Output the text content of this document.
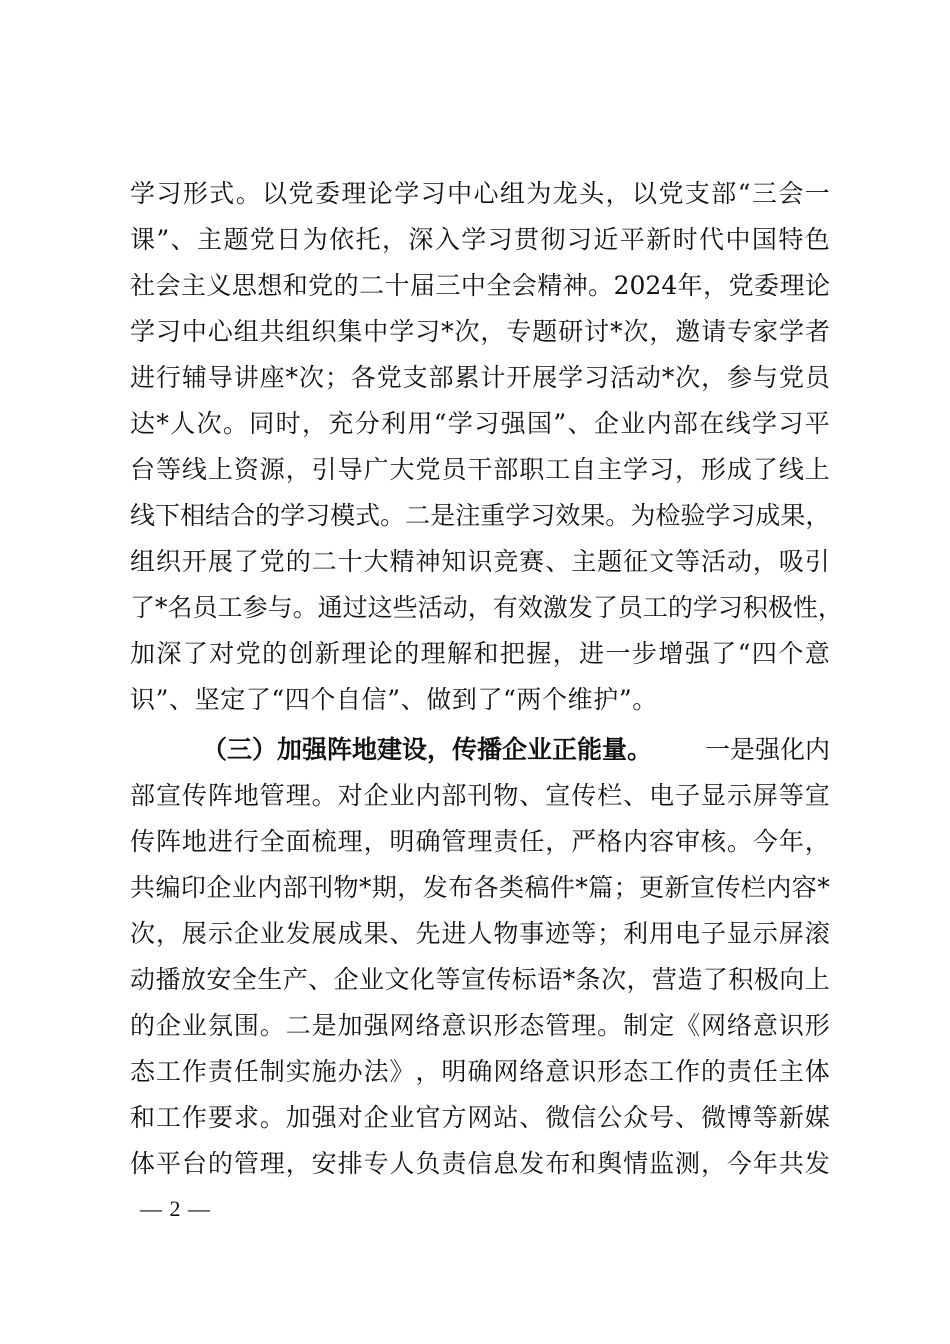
学 习 形 式 。 以 党 委 理 论 学 习 中 心 组 为 龙 头 ， 以 党 支 部 “ 三 会 一
课 ” 、 主 题 党 日 为 依 托 ， 深 入 学 习 贯 彻 习 近 平 新 时 代 中 国 特 色
社 会 主 义 思 想 和 党 的 二 十 届 三 中 全 会 精 神 。 2024 年 ， 党 委 理 论
学 习 中 心 组 共 组 织 集 中 学 习 * 次 ， 专 题 研 讨 * 次 ， 邀 请 专 家 学 者
进 行 辅 导 讲 座 * 次 ； 各 党 支 部 累 计 开 展 学 习 活 动 * 次 ， 参 与 党 员
达 * 人 次 。 同 时 ， 充 分 利 用 “ 学 习 强 国 ” 、 企 业 内 部 在 线 学 习 平
台 等 线 上 资 源 ， 引 导 广 大 党 员 干 部 职 工 自 主 学 习 ， 形 成 了 线 上
线 下 相 结 合 的 学 习 模 式 。 二 是 注 重 学 习 效 果 。 为 检 验 学 习 成 果 ，
组 织 开 展 了 党 的 二 十 大 精 神 知 识 竞 赛 、 主 题 征 文 等 活 动 ， 吸 引
了 * 名 员 工 参 与 。 通 过 这 些 活 动 ， 有 效 激 发 了 员 工 的 学 习 积 极 性 ，
加 深 了 对 党 的 创 新 理 论 的 理 解 和 把 握 ， 进 一 步 增 强 了 “ 四 个 意
识 ” 、 坚 定 了 “ 四 个 自 信 ” 、 做 到 了 “ 两 个 维 护 ” 。
（三）加强阵地建设，传播企业正能量。 一是强化内
部 宣 传 阵 地 管 理 。 对 企 业 内 部 刊 物 、 宣 传 栏 、 电 子 显 示 屏 等 宣
传 阵 地 进 行 全 面 梳 理 ， 明 确 管 理 责 任 ， 严 格 内 容 审 核 。 今 年 ，
共 编 印 企 业 内 部 刊 物 * 期 ， 发 布 各 类 稿 件 * 篇 ； 更 新 宣 传 栏 内 容 *
次 ， 展 示 企 业 发 展 成 果 、 先 进 人 物 事 迹 等 ； 利 用 电 子 显 示 屏 滚
动 播 放 安 全 生 产 、 企 业 文 化 等 宣 传 标 语 * 条 次 ， 营 造 了 积 极 向 上
的 企 业 氛 围 。 二 是 加 强 网 络 意 识 形 态 管 理 。 制 定 《 网 络 意 识 形
态 工 作 责 任 制 实 施 办 法 》 ， 明 确 网 络 意 识 形 态 工 作 的 责 任 主 体
和 工 作 要 求 。 加 强 对 企 业 官 方 网 站 、 微 信 公 众 号 、 微 博 等 新 媒
体 平 台 的 管 理 ， 安 排 专 人 负 责 信 息 发 布 和 舆 情 监 测 ， 今 年 共 发
— 2 —
